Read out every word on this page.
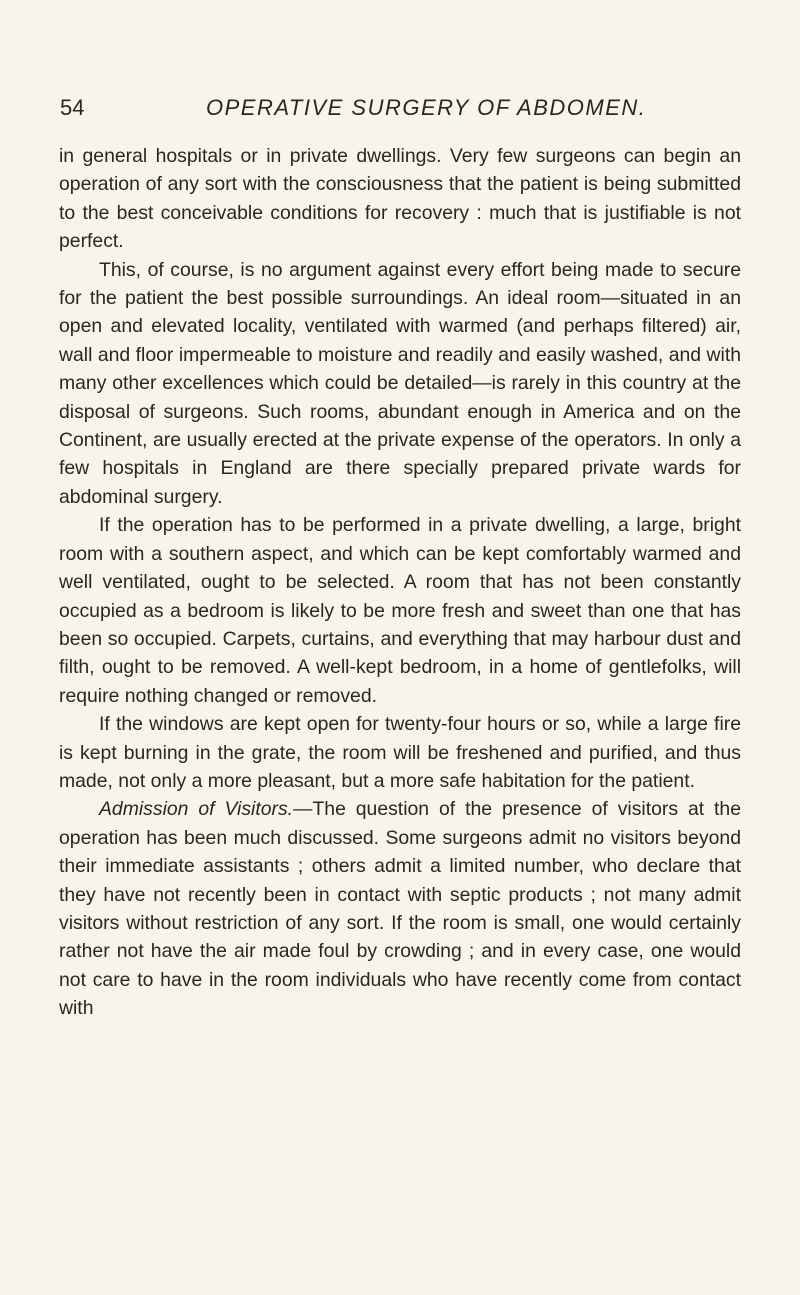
54	OPERATIVE SURGERY OF ABDOMEN.

in general hospitals or in private dwellings. Very few surgeons can begin an operation of any sort with the consciousness that the patient is being submitted to the best conceivable conditions for recovery : much that is justifiable is not perfect.

This, of course, is no argument against every effort being made to secure for the patient the best possible surroundings. An ideal room—situated in an open and elevated locality, ventilated with warmed (and perhaps filtered) air, wall and floor impermeable to moisture and readily and easily washed, and with many other excellences which could be detailed—is rarely in this country at the disposal of surgeons. Such rooms, abundant enough in America and on the Continent, are usually erected at the private expense of the operators. In only a few hospitals in England are there specially prepared private wards for abdominal surgery.

If the operation has to be performed in a private dwelling, a large, bright room with a southern aspect, and which can be kept comfortably warmed and well ventilated, ought to be selected. A room that has not been constantly occupied as a bedroom is likely to be more fresh and sweet than one that has been so occupied. Carpets, curtains, and everything that may harbour dust and filth, ought to be removed. A well-kept bedroom, in a home of gentlefolks, will require nothing changed or removed.

If the windows are kept open for twenty-four hours or so, while a large fire is kept burning in the grate, the room will be freshened and purified, and thus made, not only a more pleasant, but a more safe habitation for the patient.

Admission of Visitors.—The question of the presence of visitors at the operation has been much discussed. Some surgeons admit no visitors beyond their immediate assistants ; others admit a limited number, who declare that they have not recently been in contact with septic products ; not many admit visitors without restriction of any sort. If the room is small, one would certainly rather not have the air made foul by crowding ; and in every case, one would not care to have in the room individuals who have recently come from contact with
